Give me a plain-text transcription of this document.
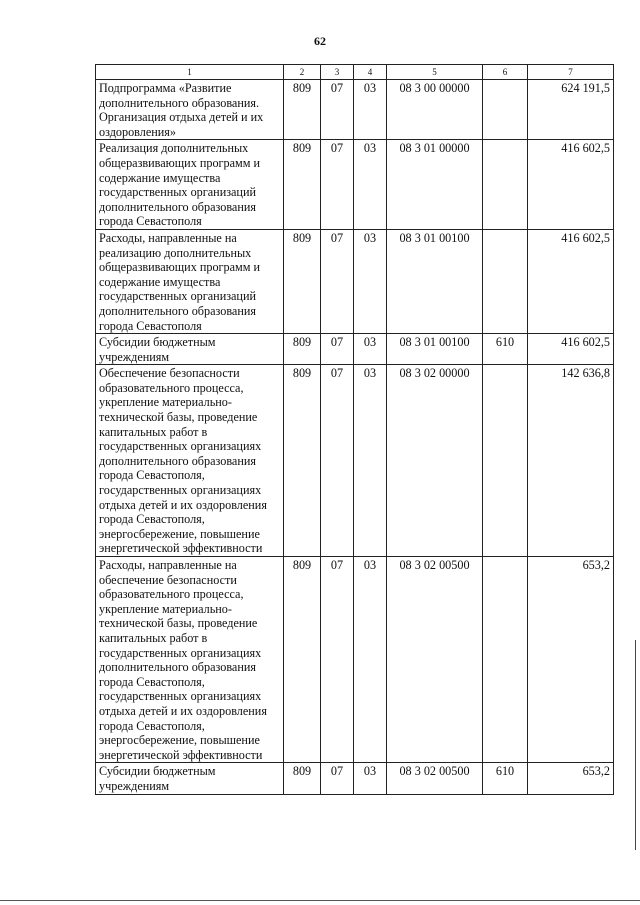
62
1	2	3	4	5	6	7
Подпрограмма «Развитие дополнительного образования. Организация отдыха детей и их оздоровления»	809	07	03	08 3 00 00000		624 191,5
Реализация дополнительных общеразвивающих программ и содержание имущества государственных организаций дополнительного образования города Севастополя	809	07	03	08 3 01 00000		416 602,5
Расходы, направленные на реализацию дополнительных общеразвивающих программ и содержание имущества государственных организаций дополнительного образования города Севастополя	809	07	03	08 3 01 00100		416 602,5
Субсидии бюджетным учреждениям	809	07	03	08 3 01 00100	610	416 602,5
Обеспечение безопасности образовательного процесса, укрепление материально-технической базы, проведение капитальных работ в государственных организациях дополнительного образования города Севастополя, государственных организациях отдыха детей и их оздоровления города Севастополя, энергосбережение, повышение энергетической эффективности	809	07	03	08 3 02 00000		142 636,8
Расходы, направленные на обеспечение безопасности образовательного процесса, укрепление материально-технической базы, проведение капитальных работ в государственных организациях дополнительного образования города Севастополя, государственных организациях отдыха детей и их оздоровления города Севастополя, энергосбережение, повышение энергетической эффективности	809	07	03	08 3 02 00500		653,2
Субсидии бюджетным учреждениям	809	07	03	08 3 02 00500	610	653,2
